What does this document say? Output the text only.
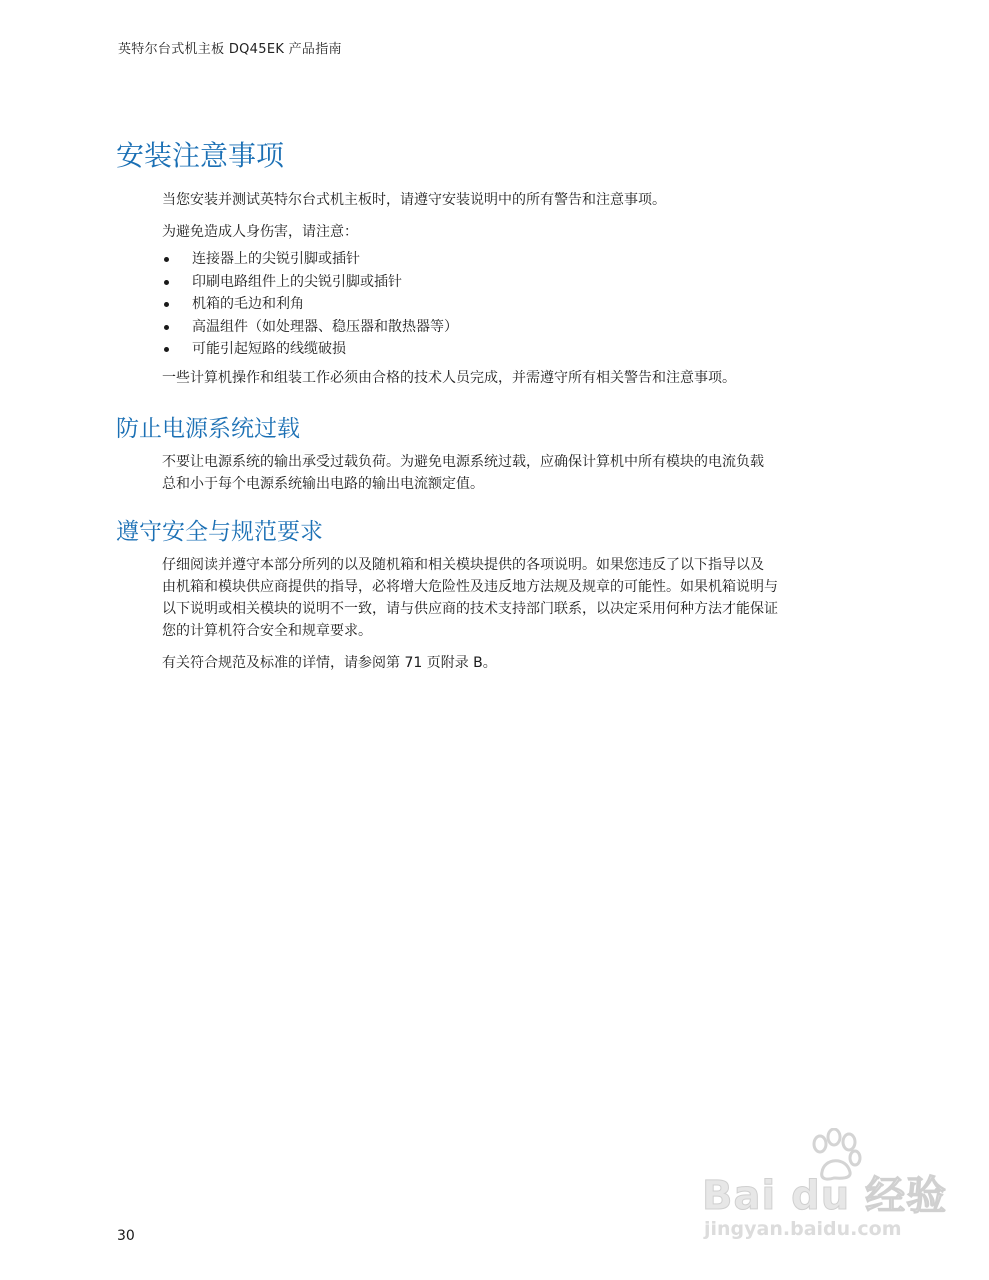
英特尔台式机主板 DQ45EK 产品指南
安装注意事项

当您安装并测试英特尔台式机主板时，请遵守安装说明中的所有警告和注意事项。

为避免造成人身伤害，请注意：

连接器上的尖锐引脚或插针
印刷电路组件上的尖锐引脚或插针
机箱的毛边和利角
高温组件（如处理器、稳压器和散热器等）
可能引起短路的线缆破损

一些计算机操作和组装工作必须由合格的技术人员完成，并需遵守所有相关警告和注意事项。

防止电源系统过载

不要让电源系统的输出承受过载负荷。为避免电源系统过载，应确保计算机中所有模块的电流负载

总和小于每个电源系统输出电路的输出电流额定值。

遵守安全与规范要求

仔细阅读并遵守本部分所列的以及随机箱和相关模块提供的各项说明。如果您违反了以下指导以及

由机箱和模块供应商提供的指导，必将增大危险性及违反地方法规及规章的可能性。如果机箱说明与

以下说明或相关模块的说明不一致，请与供应商的技术支持部门联系，以决定采用何种方法才能保证

您的计算机符合安全和规章要求。

有关符合规范及标准的详情，请参阅第 71 页附录 B。

30
Bai du 经验
jingyan.baidu.com
